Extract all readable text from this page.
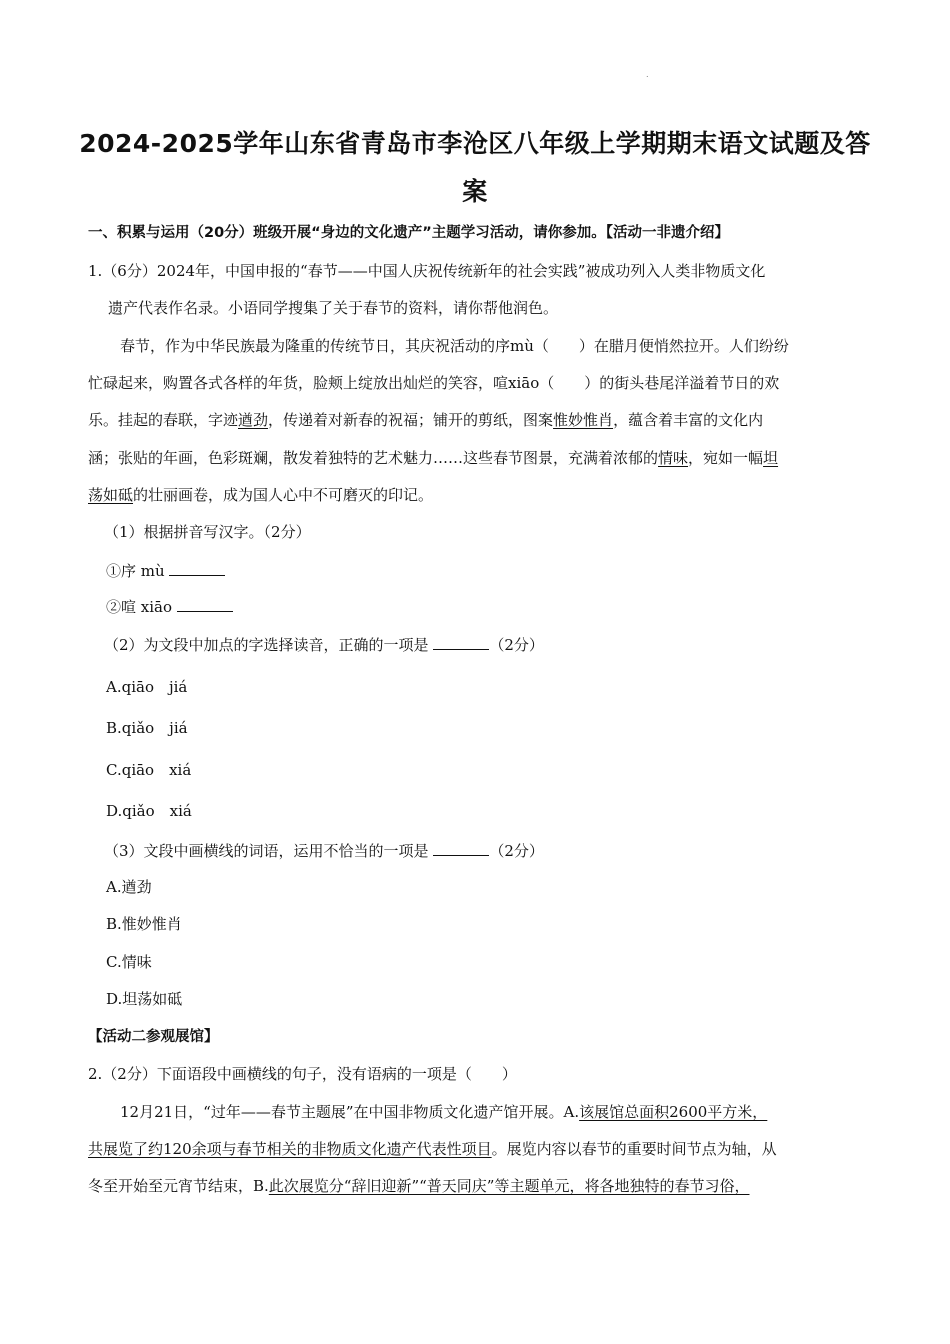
.
2024-2025学年山东省青岛市李沧区八年级上学期期末语文试题及答
案
一、积累与运用（20分）班级开展“身边的文化遗产”主题学习活动，请你参加。【活动一非遗介绍】
1.（6分）2024年，中国申报的“春节——中国人庆祝传统新年的社会实践”被成功列入人类非物质文化
遗产代表作名录。小语同学搜集了关于春节的资料，请你帮他润色。
春节，作为中华民族最为隆重的传统节日，其庆祝活动的序mù（　　）在腊月便悄然拉开。人们纷纷
忙碌起来，购置各式各样的年货，脸颊上绽放出灿烂的笑容，喧xiāo（　　）的街头巷尾洋溢着节日的欢
乐。挂起的春联，字迹遒劲，传递着对新春的祝福；铺开的剪纸，图案惟妙惟肖，蕴含着丰富的文化内
涵；张贴的年画，色彩斑斓，散发着独特的艺术魅力……这些春节图景，充满着浓郁的情味，宛如一幅坦
荡如砥的壮丽画卷，成为国人心中不可磨灭的印记。
（1）根据拼音写汉字。（2分）
①序 mù
②喧 xiāo
（2）为文段中加点的字选择读音，正确的一项是	（2分）
A.qiāo　jiá
B.qiǎo　jiá
C.qiāo　xiá
D.qiǎo　xiá
（3）文段中画横线的词语，运用不恰当的一项是	（2分）
A.遒劲
B.惟妙惟肖
C.情味
D.坦荡如砥
【活动二参观展馆】
2.（2分）下面语段中画横线的句子，没有语病的一项是（　　）
12月21日，“过年——春节主题展”在中国非物质文化遗产馆开展。A.该展馆总面积2600平方米，
共展览了约120余项与春节相关的非物质文化遗产代表性项目。展览内容以春节的重要时间节点为轴，从
冬至开始至元宵节结束，B.此次展览分“辞旧迎新”“普天同庆”等主题单元，将各地独特的春节习俗，
